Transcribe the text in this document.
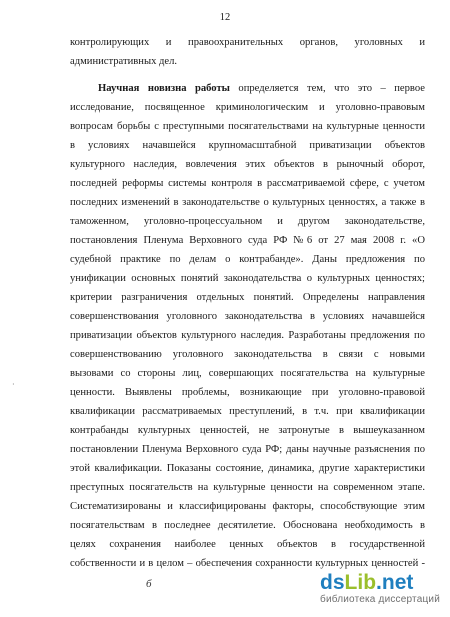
12
контролирующих и правоохранительных органов, уголовных и
административных дел.
Научная новизна работы определяется тем, что это – первое
исследование, посвященное криминологическим и уголовно-правовым
вопросам борьбы с преступными посягательствами на культурные ценности
в условиях начавшейся крупномасштабной приватизации объектов
культурного наследия, вовлечения этих объектов в рыночный оборот,
последней реформы системы контроля в рассматриваемой сфере, с учетом
последних изменений в законодательстве о культурных ценностях, а также в
таможенном, уголовно-процессуальном и другом законодательстве,
постановления Пленума Верховного суда РФ №6 от 27 мая 2008 г. «О
судебной практике по делам о контрабанде». Даны предложения по
унификации основных понятий законодательства о культурных ценностях;
критерии разграничения отдельных понятий. Определены направления
совершенствования уголовного законодательства в условиях начавшейся
приватизации объектов культурного наследия. Разработаны предложения по
совершенствованию уголовного законодательства в связи с новыми
вызовами со стороны лиц, совершающих посягательства на культурные
ценности. Выявлены проблемы, возникающие при уголовно-правовой
квалификации рассматриваемых преступлений, в т.ч. при квалификации
контрабанды культурных ценностей, не затронутые в вышеуказанном
постановлении Пленума Верховного суда РФ; даны научные разъяснения по
этой квалификации. Показаны состояние, динамика, другие характеристики
преступных посягательств на культурные ценности на современном этапе.
Систематизированы и классифицированы факторы, способствующие этим
посягательствам в последнее десятилетие. Обоснована необходимость в
целях сохранения наиболее ценных объектов в государственной
собственности и в целом – обеспечения сохранности культурных ценностей -
·
б	dsLib.net
библиотека диссертаций
